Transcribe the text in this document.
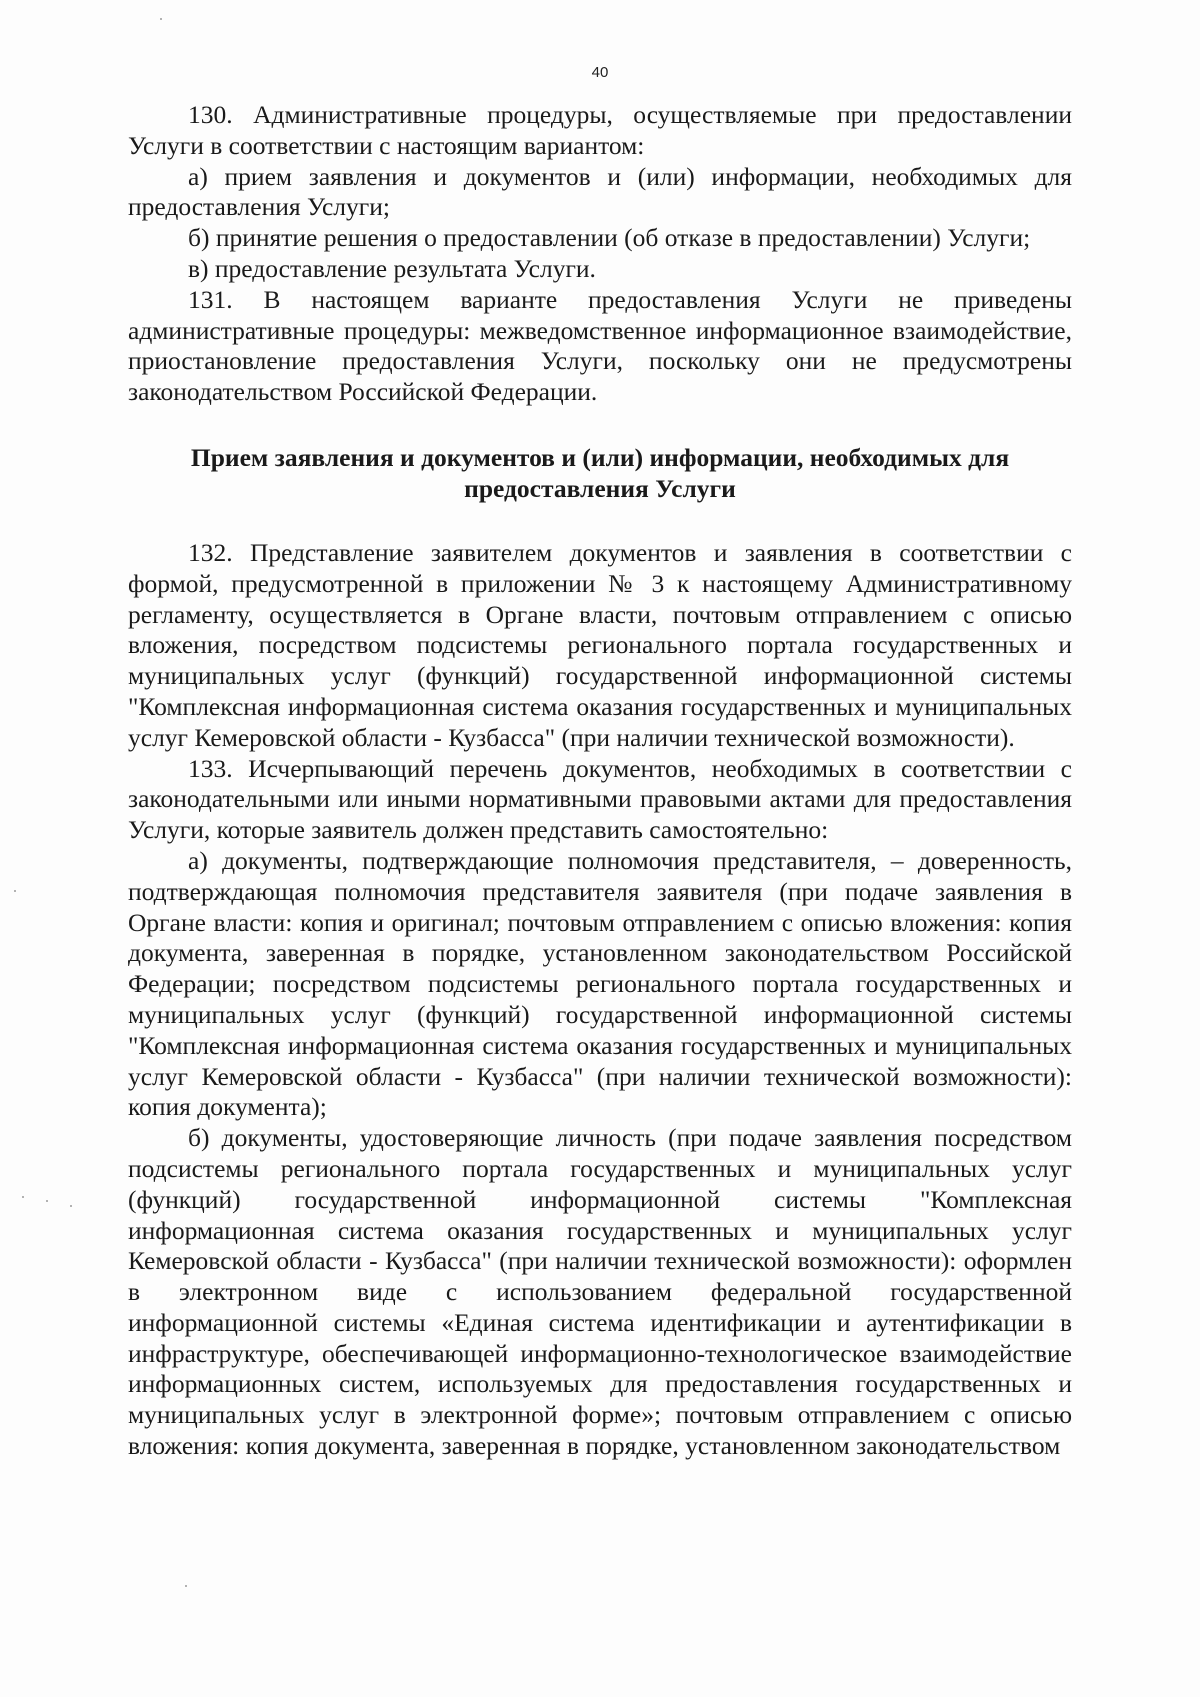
40

130. Административные процедуры, осуществляемые при предоставлении Услуги в соответствии с настоящим вариантом:

а) прием заявления и документов и (или) информации, необходимых для предоставления Услуги;

б) принятие решения о предоставлении (об отказе в предоставлении) Услуги;

в) предоставление результата Услуги.

131. В настоящем варианте предоставления Услуги не приведены административные процедуры: межведомственное информационное взаимодействие, приостановление предоставления Услуги, поскольку они не предусмотрены законодательством Российской Федерации.

Прием заявления и документов и (или) информации, необходимых для предоставления Услуги

132. Представление заявителем документов и заявления в соответствии с формой, предусмотренной в приложении № 3 к настоящему Административному регламенту, осуществляется в Органе власти, почтовым отправлением с описью вложения, посредством подсистемы регионального портала государственных и муниципальных услуг (функций) государственной информационной системы "Комплексная информационная система оказания государственных и муниципальных услуг Кемеровской области - Кузбасса" (при наличии технической возможности).

133. Исчерпывающий перечень документов, необходимых в соответствии с законодательными или иными нормативными правовыми актами для предоставления Услуги, которые заявитель должен представить самостоятельно:

а) документы, подтверждающие полномочия представителя, – доверенность, подтверждающая полномочия представителя заявителя (при подаче заявления в Органе власти: копия и оригинал; почтовым отправлением с описью вложения: копия документа, заверенная в порядке, установленном законодательством Российской Федерации; посредством подсистемы регионального портала государственных и муниципальных услуг (функций) государственной информационной системы "Комплексная информационная система оказания государственных и муниципальных услуг Кемеровской области - Кузбасса" (при наличии технической возможности): копия документа);

б) документы, удостоверяющие личность (при подаче заявления посредством подсистемы регионального портала государственных и муниципальных услуг (функций) государственной информационной системы "Комплексная информационная система оказания государственных и муниципальных услуг Кемеровской области - Кузбасса" (при наличии технической возможности): оформлен в электронном виде с использованием федеральной государственной информационной системы «Единая система идентификации и аутентификации в инфраструктуре, обеспечивающей информационно-технологическое взаимодействие информационных систем, используемых для предоставления государственных и муниципальных услуг в электронной форме»; почтовым отправлением с описью вложения: копия документа, заверенная в порядке, установленном законодательством
